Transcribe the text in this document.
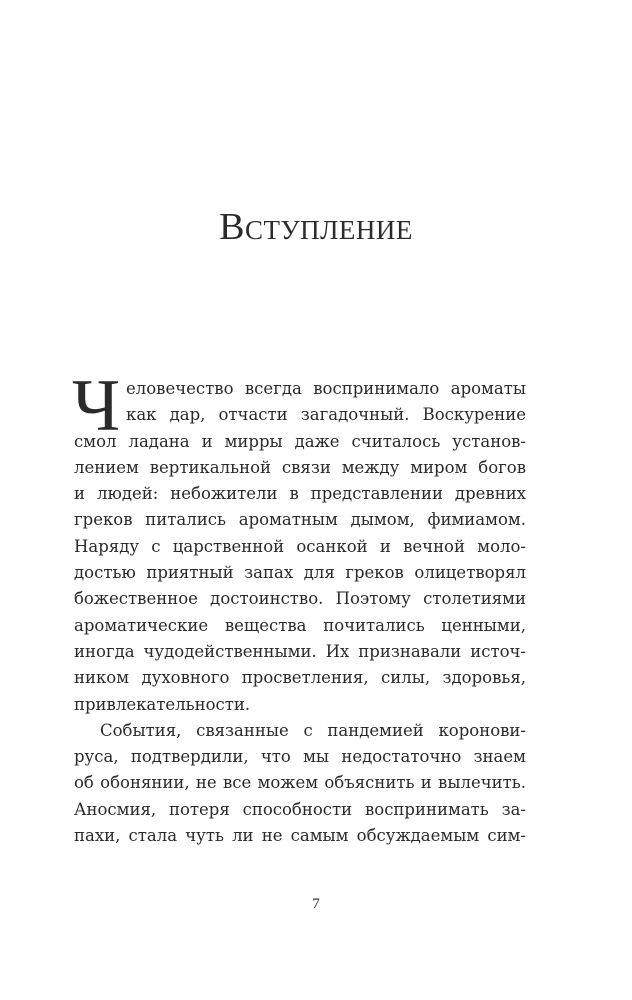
Вступление
Ч еловечество всегда воспринимало ароматы
как дар, отчасти загадочный. Воскурение
смол ладана и мирры даже считалось установ-
лением вертикальной связи между миром богов
и людей: небожители в представлении древних
греков питались ароматным дымом, фимиамом.
Наряду с царственной осанкой и вечной моло-
достью приятный запах для греков олицетворял
божественное достоинство. Поэтому столетиями
ароматические вещества почитались ценными,
иногда чудодейственными. Их признавали источ-
ником духовного просветления, силы, здоровья,
привлекательности.
События, связанные с пандемией коронови-
руса, подтвердили, что мы недостаточно знаем
об обонянии, не все можем объяснить и вылечить.
Аносмия, потеря способности воспринимать за-
пахи, стала чуть ли не самым обсуждаемым сим-
7
